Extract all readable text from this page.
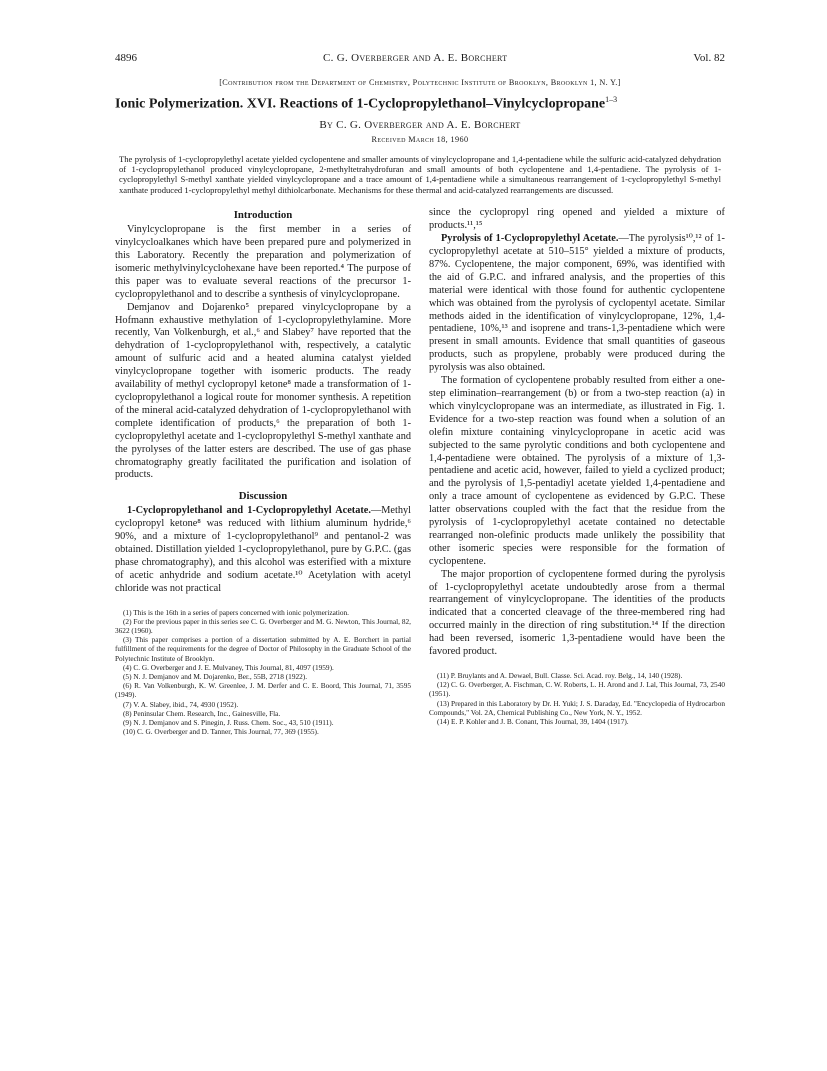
4896	C. G. Overberger and A. E. Borchert	Vol. 82
[Contribution from the Department of Chemistry, Polytechnic Institute of Brooklyn, Brooklyn 1, N. Y.]
Ionic Polymerization. XVI. Reactions of 1-Cyclopropylethanol–Vinylcyclopropane$^{1-3}$
By C. G. Overberger and A. E. Borchert
Received March 18, 1960

The pyrolysis of 1-cyclopropylethyl acetate yielded cyclopentene and smaller amounts of vinylcyclopropane and 1,4-pentadiene while the sulfuric acid-catalyzed dehydration of 1-cyclopropylethanol produced vinylcyclopropane, 2-methyltetrahydrofuran and small amounts of both cyclopentene and 1,4-pentadiene. The pyrolysis of 1-cyclopropylethyl S-methyl xanthate yielded vinylcyclopropane and a trace amount of 1,4-pentadiene while a simultaneous rearrangement of 1-cyclopropylethyl S-methyl xanthate produced 1-cyclopropylethyl methyl dithiolcarbonate. Mechanisms for these thermal and acid-catalyzed rearrangements are discussed.

Introduction

Vinylcyclopropane is the first member in a series of vinylcycloalkanes which have been prepared pure and polymerized in this Laboratory. Recently the preparation and polymerization of isomeric methylvinylcyclohexane have been reported.⁴ The purpose of this paper was to evaluate several reactions of the precursor 1-cyclopropylethanol and to describe a synthesis of vinylcyclopropane.

Demjanov and Dojarenko⁵ prepared vinylcyclopropane by a Hofmann exhaustive methylation of 1-cyclopropylethylamine. More recently, Van Volkenburgh, et al.,⁶ and Slabey⁷ have reported that the dehydration of 1-cyclopropylethanol with, respectively, a catalytic amount of sulfuric acid and a heated alumina catalyst yielded vinylcyclopropane together with isomeric products. The ready availability of methyl cyclopropyl ketone⁸ made a transformation of 1-cyclopropylethanol a logical route for monomer synthesis. A repetition of the mineral acid-catalyzed dehydration of 1-cyclopropylethanol with complete identification of products,⁶ the preparation of both 1-cyclopropylethyl acetate and 1-cyclopropylethyl S-methyl xanthate and the pyrolyses of the latter esters are described. The use of gas phase chromatography greatly facilitated the purification and isolation of products.

Discussion

1-Cyclopropylethanol and 1-Cyclopropylethyl Acetate.—Methyl cyclopropyl ketone⁸ was reduced with lithium aluminum hydride,⁶ 90%, and a mixture of 1-cyclopropylethanol⁹ and pentanol-2 was obtained. Distillation yielded 1-cyclopropylethanol, pure by G.P.C. (gas phase chromatography), and this alcohol was esterified with a mixture of acetic anhydride and sodium acetate.¹⁰ Acetylation with acetyl chloride was not practical

(1) This is the 16th in a series of papers concerned with ionic polymerization.

(2) For the previous paper in this series see C. G. Overberger and M. G. Newton, This Journal, 82, 3622 (1960).

(3) This paper comprises a portion of a dissertation submitted by A. E. Borchert in partial fulfillment of the requirements for the degree of Doctor of Philosophy in the Graduate School of the Polytechnic Institute of Brooklyn.

(4) C. G. Overberger and J. E. Mulvaney, This Journal, 81, 4097 (1959).

(5) N. J. Demjanov and M. Dojarenko, Ber., 55B, 2718 (1922).

(6) R. Van Volkenburgh, K. W. Greenlee, J. M. Derfer and C. E. Boord, This Journal, 71, 3595 (1949).

(7) V. A. Slabey, ibid., 74, 4930 (1952).

(8) Peninsular Chem. Research, Inc., Gainesville, Fla.

(9) N. J. Demjanov and S. Pinegin, J. Russ. Chem. Soc., 43, 510 (1911).

(10) C. G. Overberger and D. Tanner, This Journal, 77, 369 (1955).

since the cyclopropyl ring opened and yielded a mixture of products.¹¹,¹⁵

Pyrolysis of 1-Cyclopropylethyl Acetate.—The pyrolysis¹⁰,¹² of 1-cyclopropylethyl acetate at 510–515° yielded a mixture of products, 87%. Cyclopentene, the major component, 69%, was identified with the aid of G.P.C. and infrared analysis, and the properties of this material were identical with those found for authentic cyclopentene which was obtained from the pyrolysis of cyclopentyl acetate. Similar methods aided in the identification of vinylcyclopropane, 12%, 1,4-pentadiene, 10%,¹³ and isoprene and trans-1,3-pentadiene which were present in small amounts. Evidence that small quantities of gaseous products, such as propylene, probably were produced during the pyrolysis was also obtained.

The formation of cyclopentene probably resulted from either a one-step elimination–rearrangement (b) or from a two-step reaction (a) in which vinylcyclopropane was an intermediate, as illustrated in Fig. 1. Evidence for a two-step reaction was found when a solution of an olefin mixture containing vinylcyclopropane in acetic acid was subjected to the same pyrolytic conditions and both cyclopentene and 1,4-pentadiene were obtained. The pyrolysis of a mixture of 1,3-pentadiene and acetic acid, however, failed to yield a cyclized product; and the pyrolysis of 1,5-pentadiyl acetate yielded 1,4-pentadiene and only a trace amount of cyclopentene as evidenced by G.P.C. These latter observations coupled with the fact that the residue from the pyrolysis of 1-cyclopropylethyl acetate contained no detectable rearranged non-olefinic products made unlikely the possibility that other isomeric species were responsible for the formation of cyclopentene.

The major proportion of cyclopentene formed during the pyrolysis of 1-cyclopropylethyl acetate undoubtedly arose from a thermal rearrangement of vinylcyclopropane. The identities of the products indicated that a concerted cleavage of the three-membered ring had occurred mainly in the direction of ring substitution.¹⁴ If the direction had been reversed, isomeric 1,3-pentadiene would have been the favored product.

(11) P. Bruylants and A. Dewael, Bull. Classe. Sci. Acad. roy. Belg., 14, 140 (1928).

(12) C. G. Overberger, A. Fischman, C. W. Roberts, L. H. Arond and J. Lal, This Journal, 73, 2540 (1951).

(13) Prepared in this Laboratory by Dr. H. Yuki; J. S. Daraday, Ed. "Encyclopedia of Hydrocarbon Compounds," Vol. 2A, Chemical Publishing Co., New York, N. Y., 1952.

(14) E. P. Kohler and J. B. Conant, This Journal, 39, 1404 (1917).
